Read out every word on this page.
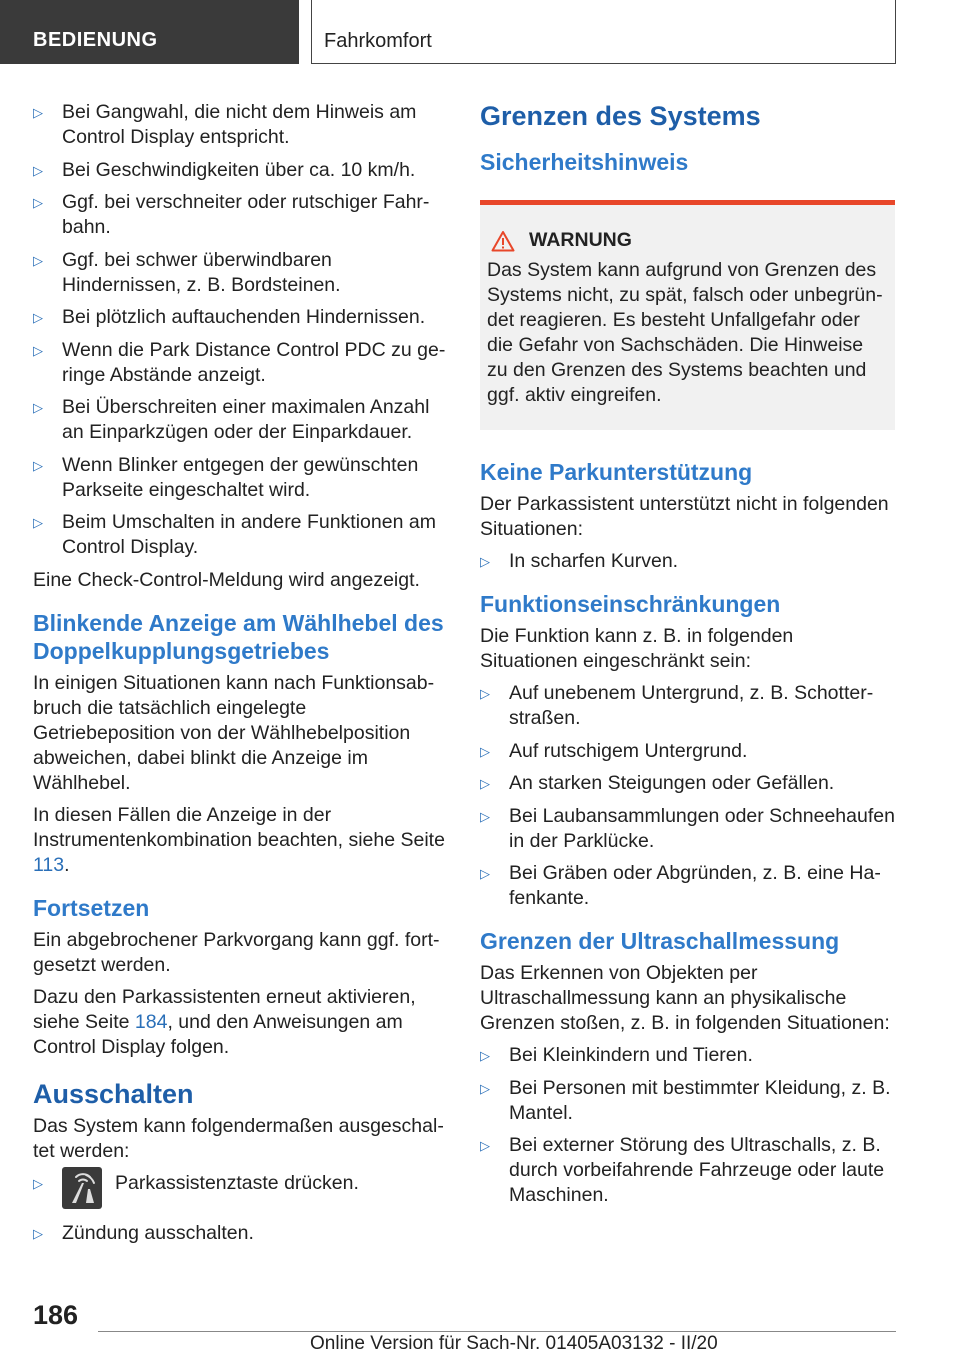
BEDIENUNG	Fahrkomfort
▷ Bei Gangwahl, die nicht dem Hinweis am Control Display entspricht.
▷ Bei Geschwindigkeiten über ca. 10 km/h.
▷ Ggf. bei verschneiter oder rutschiger Fahrbahn.
▷ Ggf. bei schwer überwindbaren Hindernissen, z. B. Bordsteinen.
▷ Bei plötzlich auftauchenden Hindernissen.
▷ Wenn die Park Distance Control PDC zu geringe Abstände anzeigt.
▷ Bei Überschreiten einer maximalen Anzahl an Einparkzügen oder der Einparkdauer.
▷ Wenn Blinker entgegen der gewünschten Parkseite eingeschaltet wird.
▷ Beim Umschalten in andere Funktionen am Control Display.

Eine Check-Control-Meldung wird angezeigt.

Blinkende Anzeige am Wählhebel des Doppelkupplungsgetriebes

In einigen Situationen kann nach Funktionsabbruch die tatsächlich eingelegte Getriebeposition von der Wählhebelposition abweichen, dabei blinkt die Anzeige im Wählhebel.

In diesen Fällen die Anzeige in der Instrumentenkombination beachten, siehe Seite 113.

Fortsetzen

Ein abgebrochener Parkvorgang kann ggf. fortgesetzt werden.

Dazu den Parkassistenten erneut aktivieren, siehe Seite 184, und den Anweisungen am Control Display folgen.

Ausschalten

Das System kann folgendermaßen ausgeschaltet werden:

▷	Parkassistenztaste drücken.
▷ Zündung ausschalten.
Grenzen des Systems
Sicherheitshinweis
WARNUNG
Das System kann aufgrund von Grenzen des Systems nicht, zu spät, falsch oder unbegründet reagieren. Es besteht Unfallgefahr oder die Gefahr von Sachschäden. Die Hinweise zu den Grenzen des Systems beachten und ggf. aktiv eingreifen.
Keine Parkunterstützung

Der Parkassistent unterstützt nicht in folgenden Situationen:

▷ In scharfen Kurven.
Funktionseinschränkungen

Die Funktion kann z. B. in folgenden Situationen eingeschränkt sein:

▷ Auf unebenem Untergrund, z. B. Schotterstraßen.
▷ Auf rutschigem Untergrund.
▷ An starken Steigungen oder Gefällen.
▷ Bei Laubansammlungen oder Schneehaufen in der Parklücke.
▷ Bei Gräben oder Abgründen, z. B. eine Hafenkante.
Grenzen der Ultraschallmessung

Das Erkennen von Objekten per Ultraschallmessung kann an physikalische Grenzen stoßen, z. B. in folgenden Situationen:

▷ Bei Kleinkindern und Tieren.
▷ Bei Personen mit bestimmter Kleidung, z. B. Mantel.
▷ Bei externer Störung des Ultraschalls, z. B. durch vorbeifahrende Fahrzeuge oder laute Maschinen.
186
Online Version für Sach-Nr. 01405A03132 - II/20
